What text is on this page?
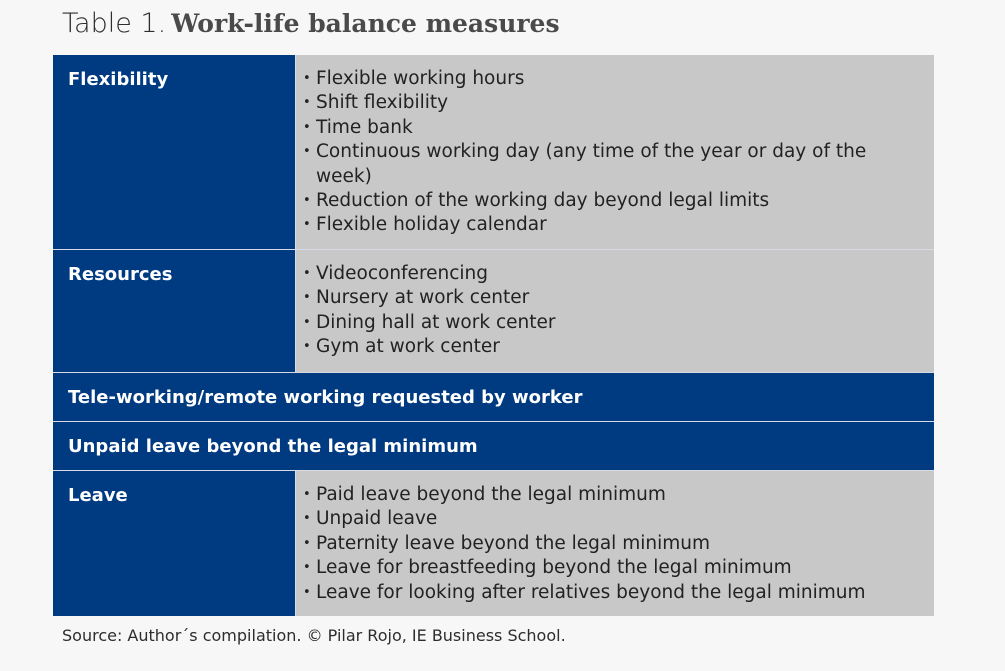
Table 1. Work-life balance measures
Flexibility	• Flexible working hours
• Shift flexibility
• Time bank
• Continuous working day (any time of the year or day of the week)
• Reduction of the working day beyond legal limits
• Flexible holiday calendar
Resources	• Videoconferencing
• Nursery at work center
• Dining hall at work center
• Gym at work center
Tele-working/remote working requested by worker
Unpaid leave beyond the legal minimum
Leave	• Paid leave beyond the legal minimum
• Unpaid leave
• Paternity leave beyond the legal minimum
• Leave for breastfeeding beyond the legal minimum
• Leave for looking after relatives beyond the legal minimum
Source: Author´s compilation. © Pilar Rojo, IE Business School.
